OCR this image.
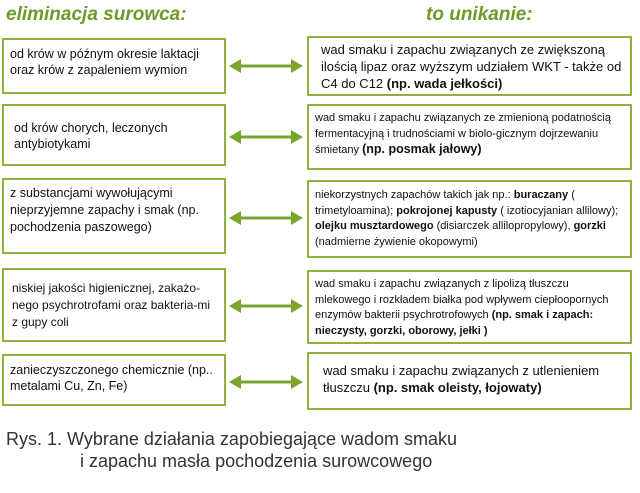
eliminacja surowca:	to unikanie:
od krów w późnym okresie laktacji oraz krów z zapaleniem wymion
wad smaku i zapachu związanych ze zwiększoną ilością lipaz oraz wyższym udziałem WKT - także od C4 do C12 (np. wada jełkości)
od krów chorych, leczonych antybiotykami
wad smaku i zapachu związanych ze zmienioną podatnością fermentacyjną i trudnościami w biolo-gicznym dojrzewaniu śmietany (np. posmak jałowy)
z substancjami wywołującymi nieprzyjemne zapachy i smak (np. pochodzenia paszowego)
niekorzystnych zapachów takich jak np.: buraczany ( trimetyloamina); pokrojonej kapusty ( izotiocyjanian allilowy); olejku musztardowego (disiarczek allilopropylowy), gorzki (nadmierne żywienie okopowymi)
niskiej jakości higienicznej, zakażo-nego psychrotrofami oraz bakteria-mi z gupy coli
wad smaku i zapachu związanych z lipolizą tłuszczu mlekowego i rozkładem białka pod wpływem ciepłoopornych enzymów bakterii psychrotrofowych (np. smak i zapach: nieczysty, gorzki, oborowy, jełki )
zanieczyszczonego chemicznie (np.. metalami Cu, Zn, Fe)
wad smaku i zapachu związanych z utlenieniem tłuszczu (np. smak oleisty, łojowaty)
Rys. 1. Wybrane działania zapobiegające wadom smaku
i zapachu masła pochodzenia surowcowego
